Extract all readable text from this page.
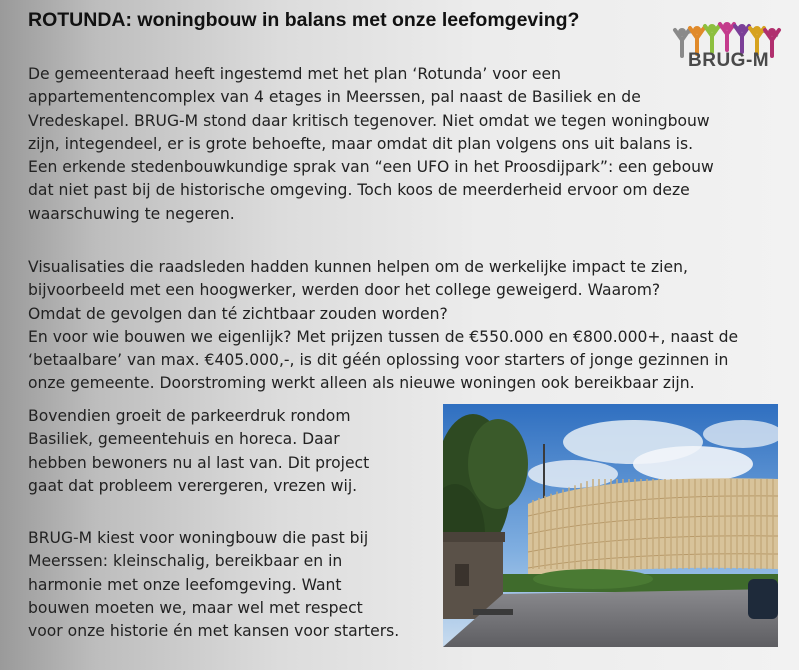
ROTUNDA: woningbouw in balans met onze leefomgeving?
BRUG-M
De gemeenteraad heeft ingestemd met het plan ‘Rotunda’ voor een
appartementencomplex van 4 etages in Meerssen, pal naast de Basiliek en de
Vredeskapel. BRUG-M stond daar kritisch tegenover. Niet omdat we tegen woningbouw
zijn, integendeel, er is grote behoefte, maar omdat dit plan volgens ons uit balans is.
Een erkende stedenbouwkundige sprak van “een UFO in het Proosdijpark”: een gebouw
dat niet past bij de historische omgeving. Toch koos de meerderheid ervoor om deze
waarschuwing te negeren.
Visualisaties die raadsleden hadden kunnen helpen om de werkelijke impact te zien,
bijvoorbeeld met een hoogwerker, werden door het college geweigerd. Waarom?
Omdat de gevolgen dan té zichtbaar zouden worden?
En voor wie bouwen we eigenlijk? Met prijzen tussen de €550.000 en €800.000+, naast de
‘betaalbare’ van max. €405.000,-, is dit géén oplossing voor starters of jonge gezinnen in
onze gemeente. Doorstroming werkt alleen als nieuwe woningen ook bereikbaar zijn.
Bovendien groeit de parkeerdruk rondom
Basiliek, gemeentehuis en horeca. Daar
hebben bewoners nu al last van. Dit project
gaat dat probleem verergeren, vrezen wij.
BRUG-M kiest voor woningbouw die past bij
Meerssen: kleinschalig, bereikbaar en in
harmonie met onze leefomgeving. Want
bouwen moeten we, maar wel met respect
voor onze historie én met kansen voor starters.
